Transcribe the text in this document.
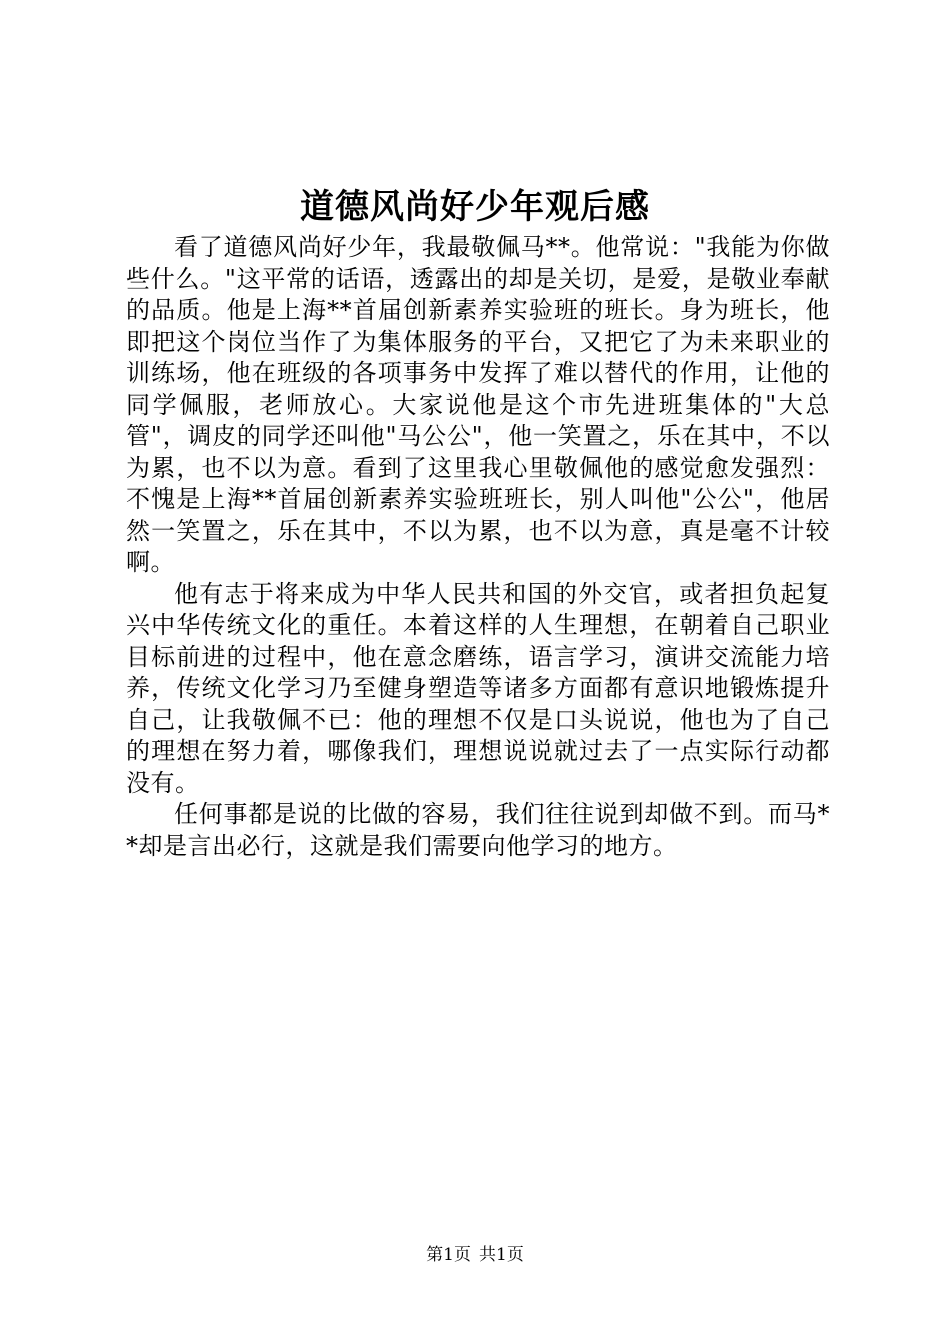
道德风尚好少年观后感

看了道德风尚好少年，我最敬佩马**。他常说："我能为你做些什么。"这平常的话语，透露出的却是关切，是爱，是敬业奉献的品质。他是上海**首届创新素养实验班的班长。身为班长，他即把这个岗位当作了为集体服务的平台，又把它了为未来职业的训练场，他在班级的各项事务中发挥了难以替代的作用，让他的同学佩服，老师放心。大家说他是这个市先进班集体的"大总管"，调皮的同学还叫他"马公公"，他一笑置之，乐在其中，不以为累，也不以为意。看到了这里我心里敬佩他的感觉愈发强烈：不愧是上海**首届创新素养实验班班长，别人叫他"公公"，他居然一笑置之，乐在其中，不以为累，也不以为意，真是毫不计较啊。

他有志于将来成为中华人民共和国的外交官，或者担负起复兴中华传统文化的重任。本着这样的人生理想，在朝着自己职业目标前进的过程中，他在意念磨练，语言学习，演讲交流能力培养，传统文化学习乃至健身塑造等诸多方面都有意识地锻炼提升自己，让我敬佩不已：他的理想不仅是口头说说，他也为了自己的理想在努力着，哪像我们，理想说说就过去了一点实际行动都没有。

任何事都是说的比做的容易，我们往往说到却做不到。而马**却是言出必行，这就是我们需要向他学习的地方。

第1页 共1页
